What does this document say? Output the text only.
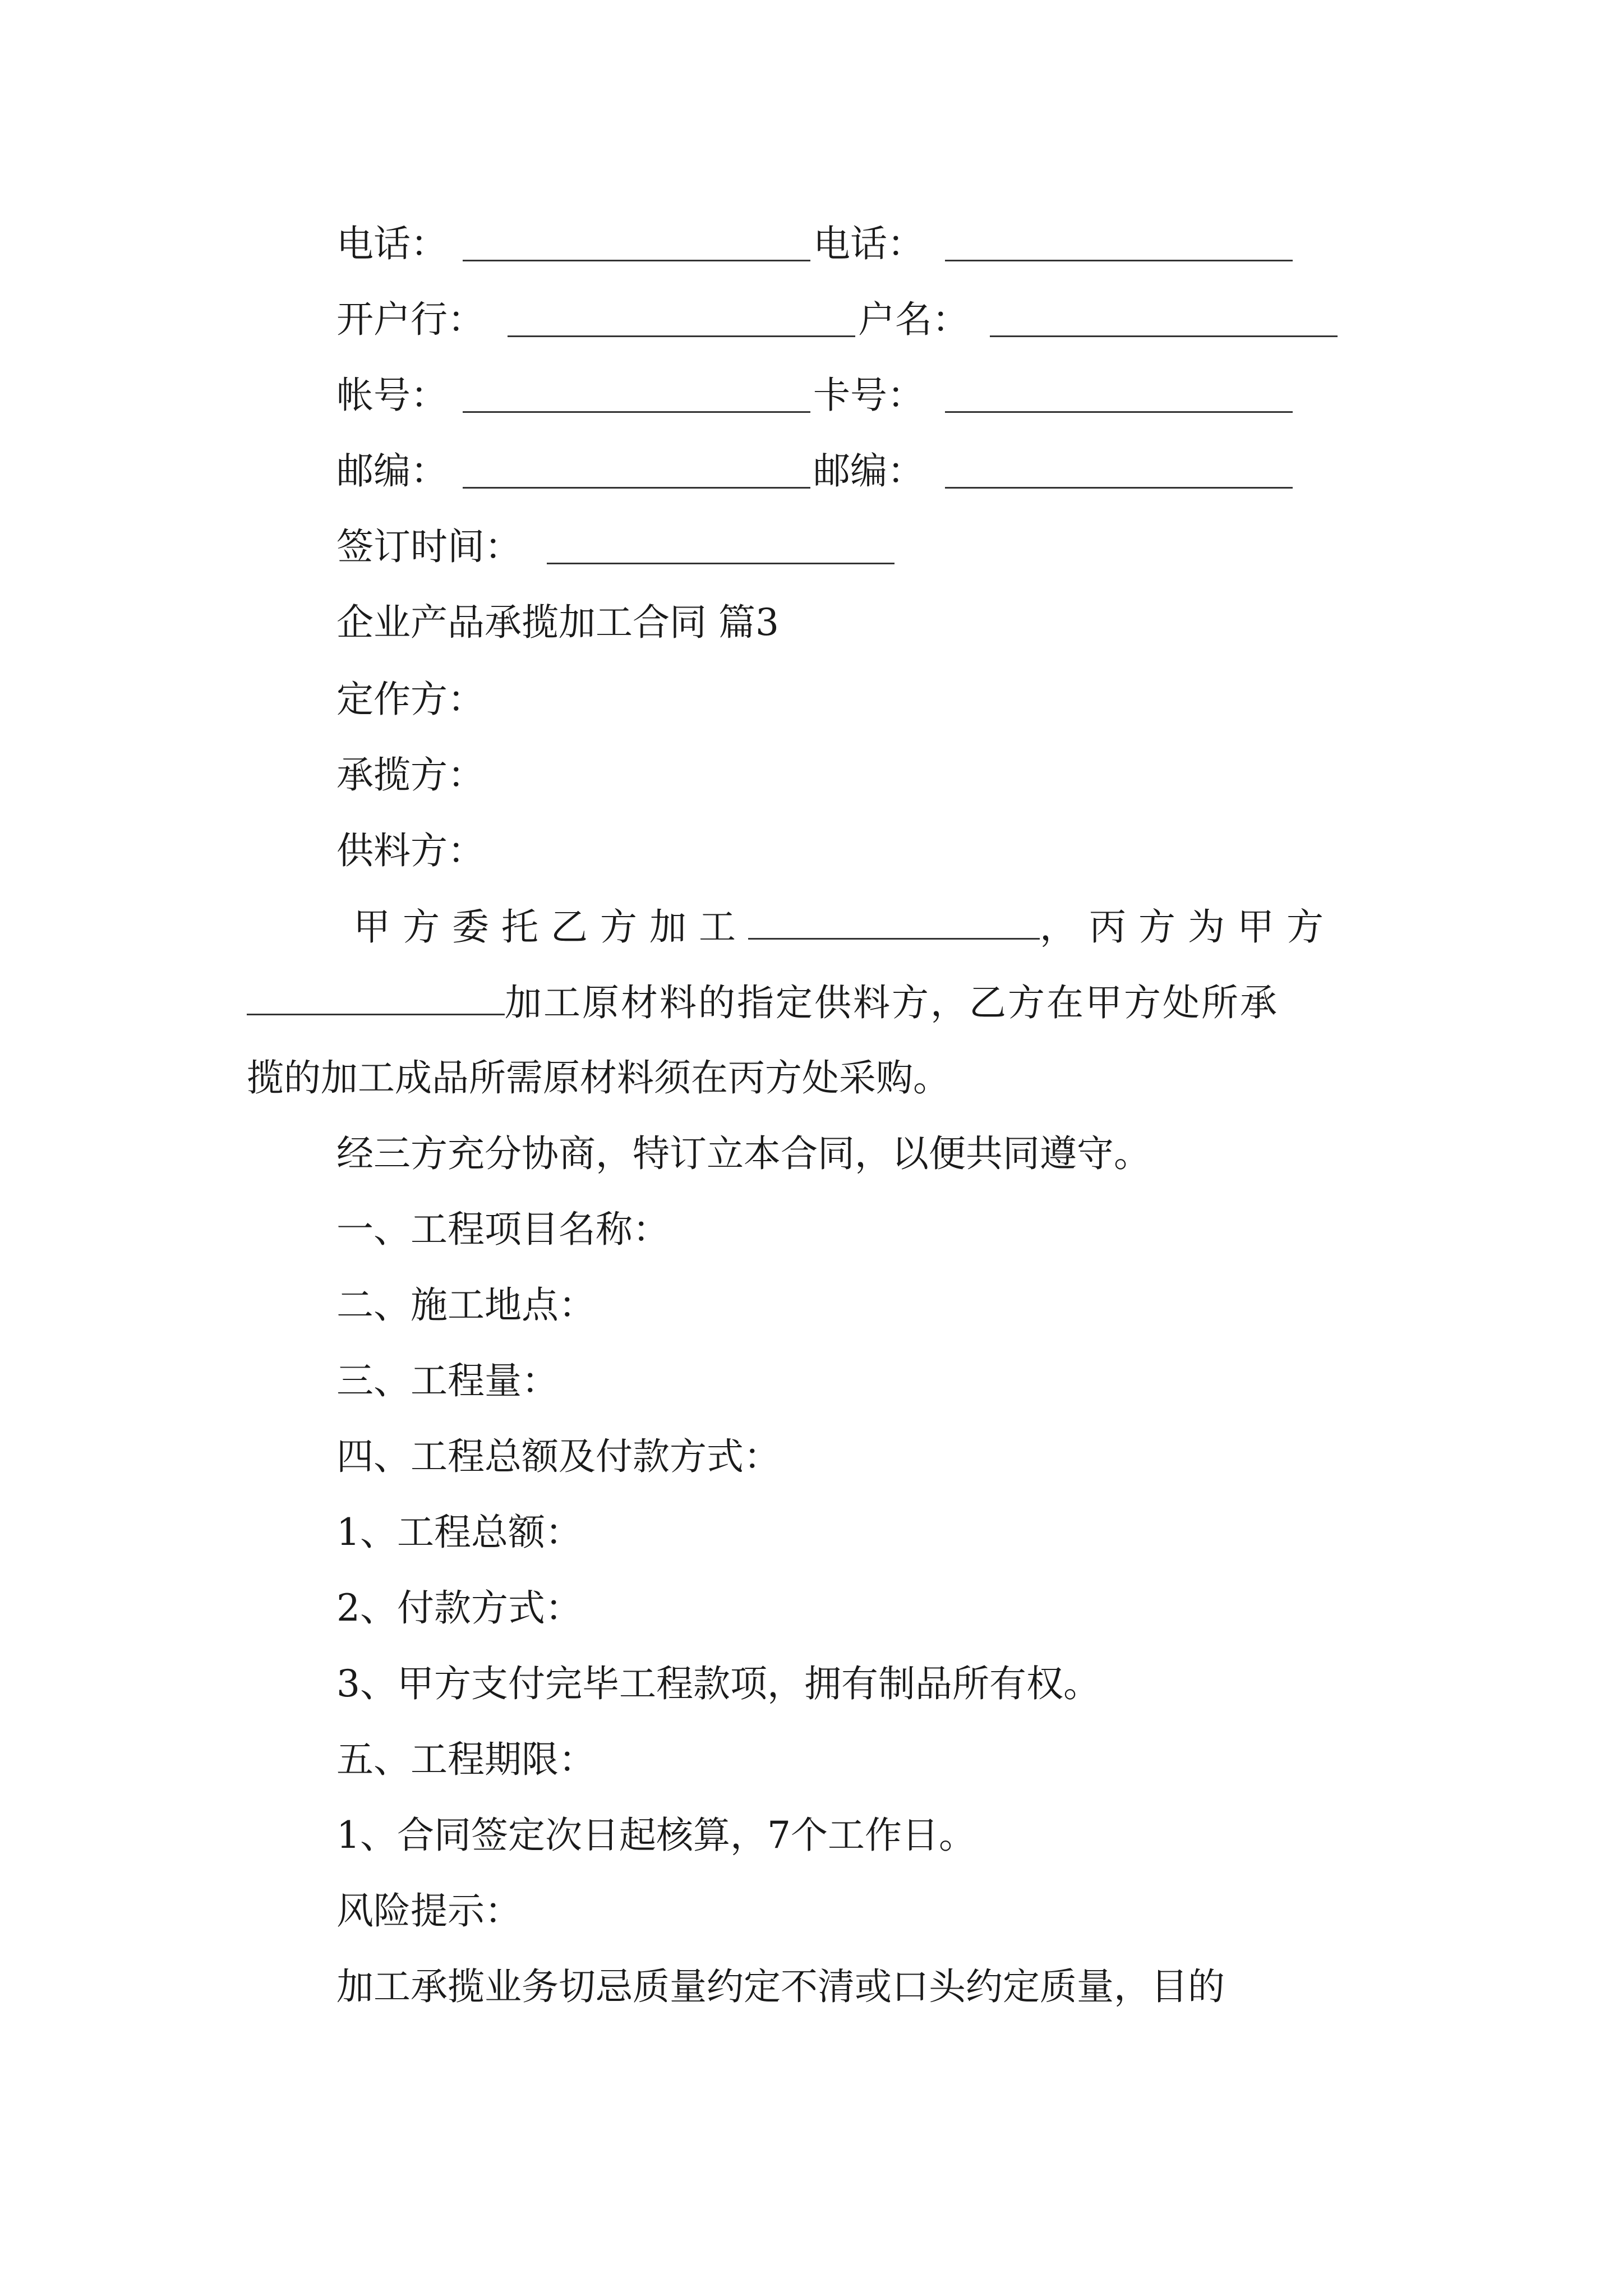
电话：	电话：
开户行：	户名：
帐号：	卡号：
邮编：	邮编：
签订时间：
企业产品承揽加工合同 篇3
定作方：
承揽方：
供料方：
甲方委托乙方加工	，丙方为甲方
加工原材料的指定供料方，乙方在甲方处所承
揽的加工成品所需原材料须在丙方处采购。
经三方充分协商，特订立本合同，以便共同遵守。
一、工程项目名称：
二、施工地点：
三、工程量：
四、工程总额及付款方式：
1、工程总额：
2、付款方式：
3、甲方支付完毕工程款项，拥有制品所有权。
五、工程期限：
1、合同签定次日起核算，7个工作日。
风险提示：
加工承揽业务切忌质量约定不清或口头约定质量，目的
